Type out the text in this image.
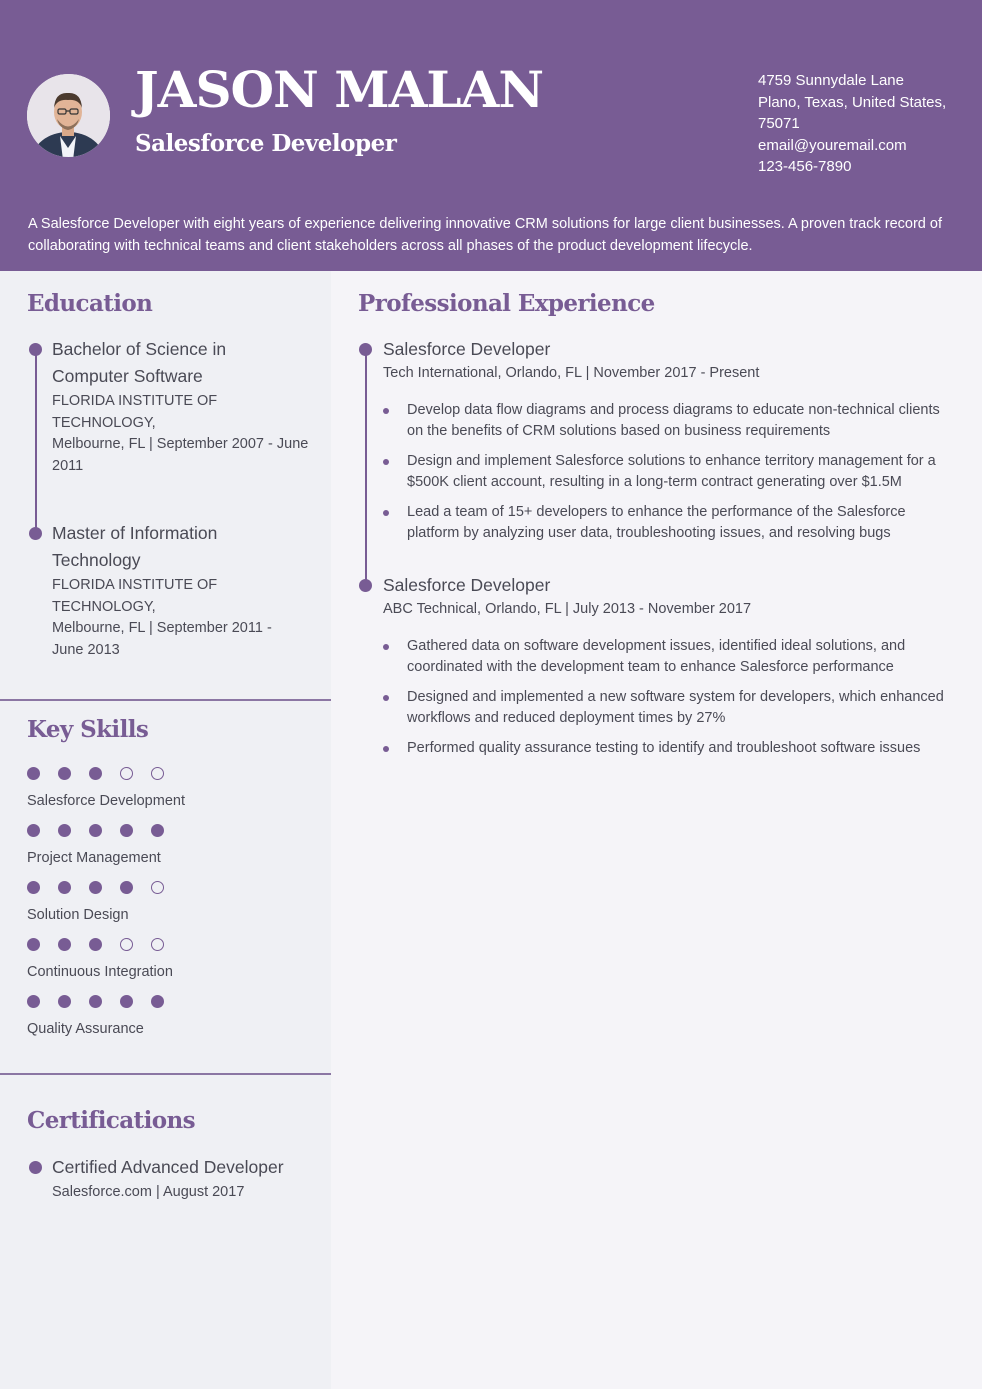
JASON MALAN
Salesforce Developer
4759 Sunnydale Lane
Plano, Texas, United States,
75071
email@youremail.com
123-456-7890
A Salesforce Developer with eight years of experience delivering innovative CRM solutions for large client businesses. A proven track record of collaborating with technical teams and client stakeholders across all phases of the product development lifecycle.
Education
Bachelor of Science in
Computer Software
FLORIDA INSTITUTE OF TECHNOLOGY,
Melbourne, FL | September 2007 - June
2011
Master of Information
Technology
FLORIDA INSTITUTE OF TECHNOLOGY,
Melbourne, FL | September 2011 -
June 2013
Key Skills
Salesforce Development
Project Management
Solution Design
Continuous Integration
Quality Assurance
Certifications
Certified Advanced Developer
Salesforce.com | August 2017
Professional Experience
Salesforce Developer
Tech International, Orlando, FL | November 2017 - Present
Develop data flow diagrams and process diagrams to educate non-technical clients on the benefits of CRM solutions based on business requirements
Design and implement Salesforce solutions to enhance territory management for a $500K client account, resulting in a long-term contract generating over $1.5M
Lead a team of 15+ developers to enhance the performance of the Salesforce platform by analyzing user data, troubleshooting issues, and resolving bugs
Salesforce Developer
ABC Technical, Orlando, FL | July 2013 - November 2017
Gathered data on software development issues, identified ideal solutions, and coordinated with the development team to enhance Salesforce performance
Designed and implemented a new software system for developers, which enhanced workflows and reduced deployment times by 27%
Performed quality assurance testing to identify and troubleshoot software issues
